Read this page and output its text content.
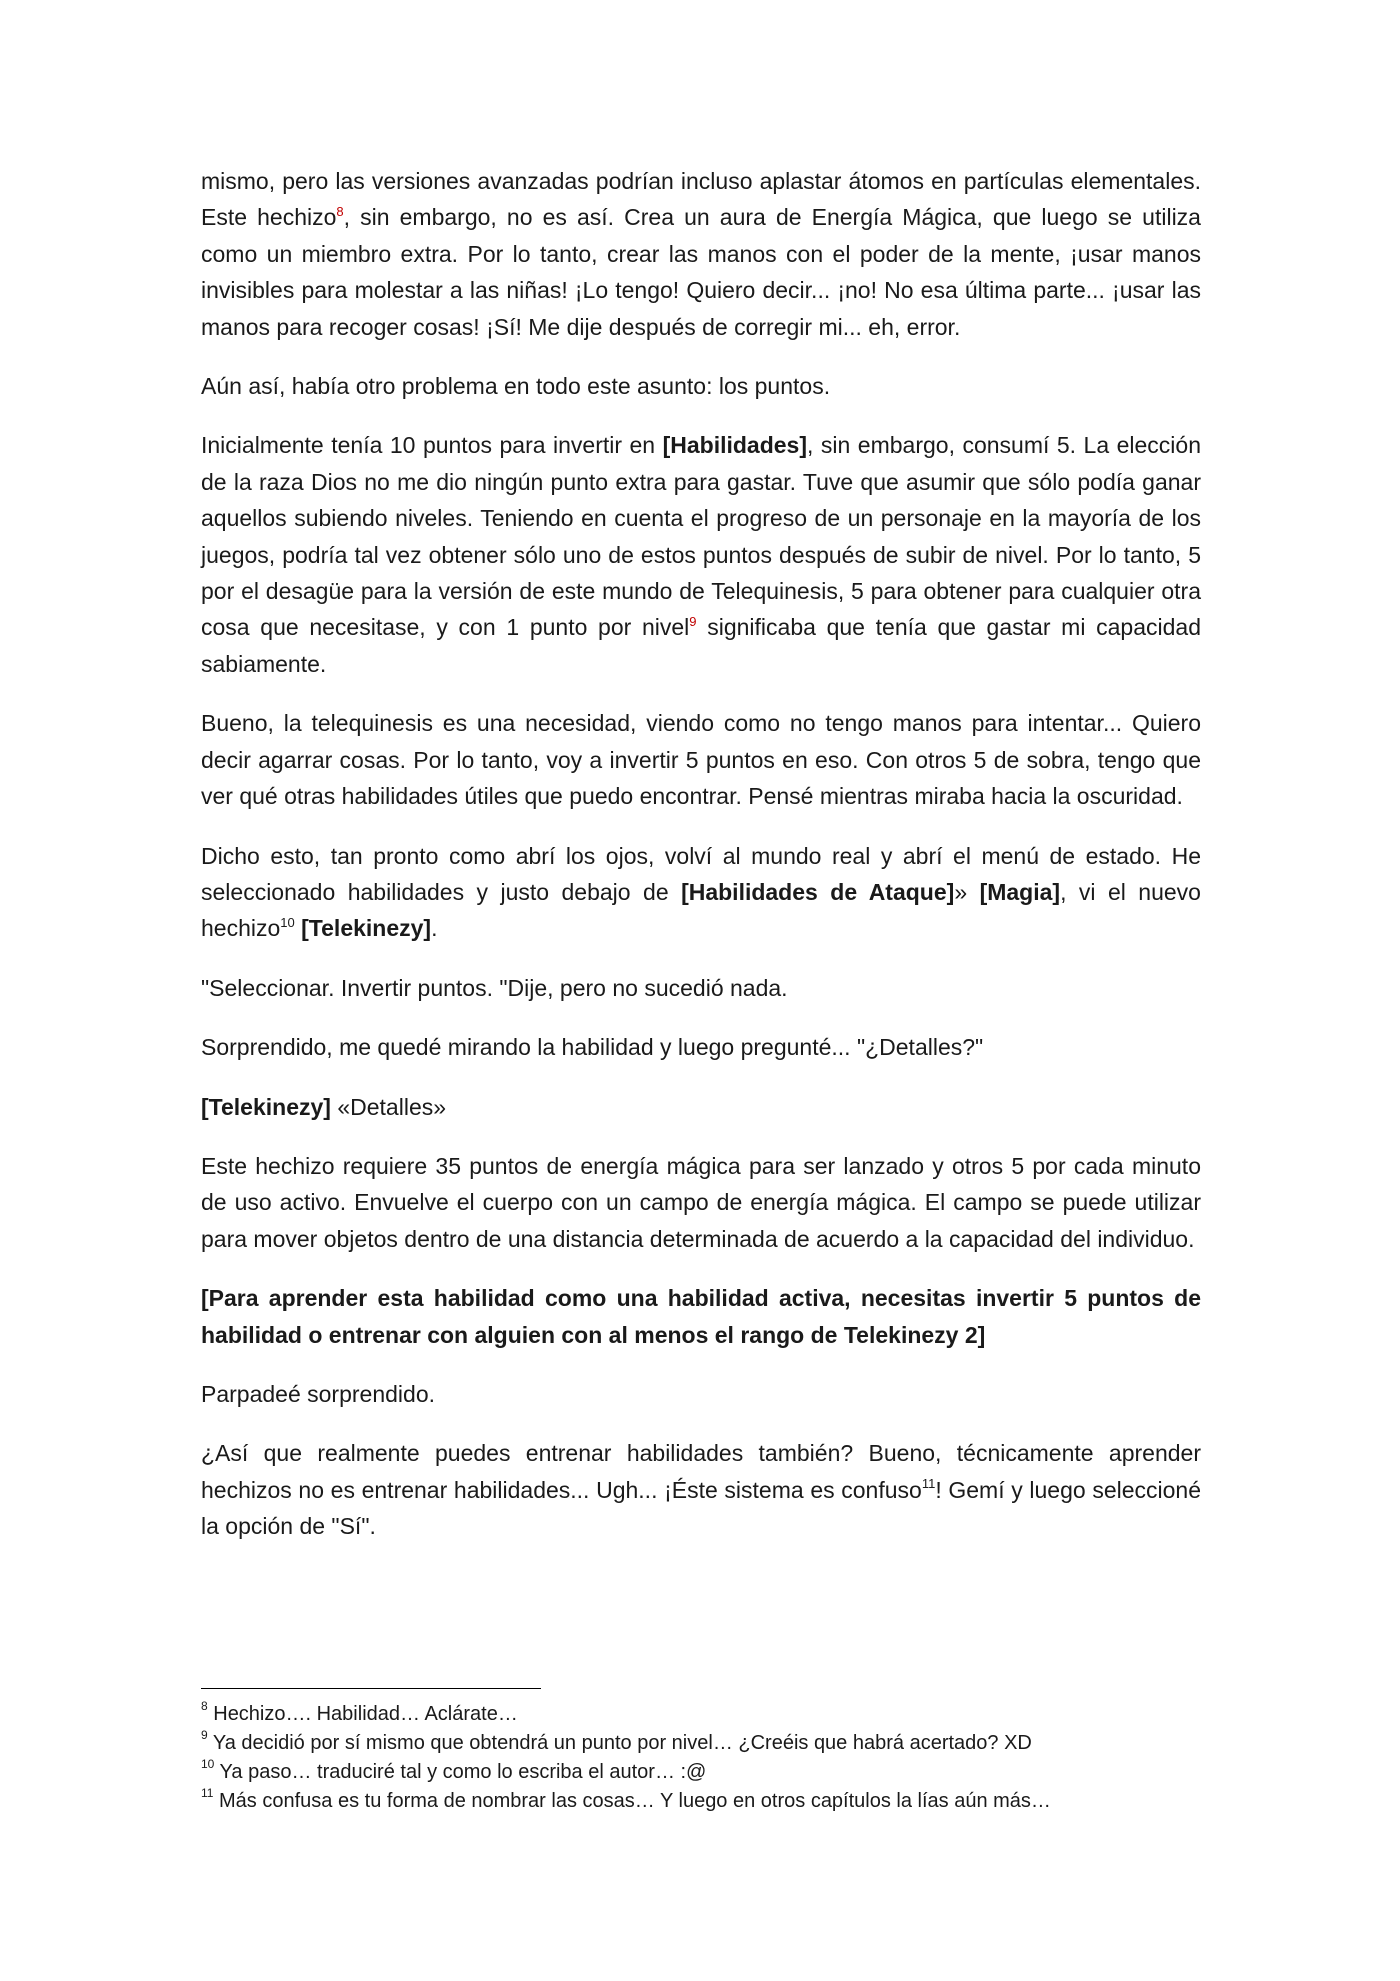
mismo, pero las versiones avanzadas podrían incluso aplastar átomos en partículas elementales. Este hechizo$^8$, sin embargo, no es así. Crea un aura de Energía Mágica, que luego se utiliza como un miembro extra. Por lo tanto, crear las manos con el poder de la mente, ¡usar manos invisibles para molestar a las niñas! ¡Lo tengo! Quiero decir... ¡no! No esa última parte... ¡usar las manos para recoger cosas! ¡Sí! Me dije después de corregir mi... eh, error.

Aún así, había otro problema en todo este asunto: los puntos.

Inicialmente tenía 10 puntos para invertir en [Habilidades], sin embargo, consumí 5. La elección de la raza Dios no me dio ningún punto extra para gastar. Tuve que asumir que sólo podía ganar aquellos subiendo niveles. Teniendo en cuenta el progreso de un personaje en la mayoría de los juegos, podría tal vez obtener sólo uno de estos puntos después de subir de nivel. Por lo tanto, 5 por el desagüe para la versión de este mundo de Telequinesis, 5 para obtener para cualquier otra cosa que necesitase, y con 1 punto por nivel$^9$ significaba que tenía que gastar mi capacidad sabiamente.

Bueno, la telequinesis es una necesidad, viendo como no tengo manos para intentar... Quiero decir agarrar cosas. Por lo tanto, voy a invertir 5 puntos en eso. Con otros 5 de sobra, tengo que ver qué otras habilidades útiles que puedo encontrar. Pensé mientras miraba hacia la oscuridad.

Dicho esto, tan pronto como abrí los ojos, volví al mundo real y abrí el menú de estado. He seleccionado habilidades y justo debajo de [Habilidades de Ataque]» [Magia], vi el nuevo hechizo$^{10}$ [Telekinezy].

"Seleccionar. Invertir puntos. "Dije, pero no sucedió nada.

Sorprendido, me quedé mirando la habilidad y luego pregunté... "¿Detalles?"

[Telekinezy] «Detalles»

Este hechizo requiere 35 puntos de energía mágica para ser lanzado y otros 5 por cada minuto de uso activo. Envuelve el cuerpo con un campo de energía mágica. El campo se puede utilizar para mover objetos dentro de una distancia determinada de acuerdo a la capacidad del individuo.

[Para aprender esta habilidad como una habilidad activa, necesitas invertir 5 puntos de habilidad o entrenar con alguien con al menos el rango de Telekinezy 2]

Parpadeé sorprendido.

¿Así que realmente puedes entrenar habilidades también? Bueno, técnicamente aprender hechizos no es entrenar habilidades... Ugh... ¡Éste sistema es confuso$^{11}$! Gemí y luego seleccioné la opción de "Sí".

$^8$ Hechizo…. Habilidad… Aclárate…

$^9$ Ya decidió por sí mismo que obtendrá un punto por nivel… ¿Creéis que habrá acertado? XD

$^{10}$ Ya paso… traduciré tal y como lo escriba el autor… :@

$^{11}$ Más confusa es tu forma de nombrar las cosas… Y luego en otros capítulos la lías aún más…
